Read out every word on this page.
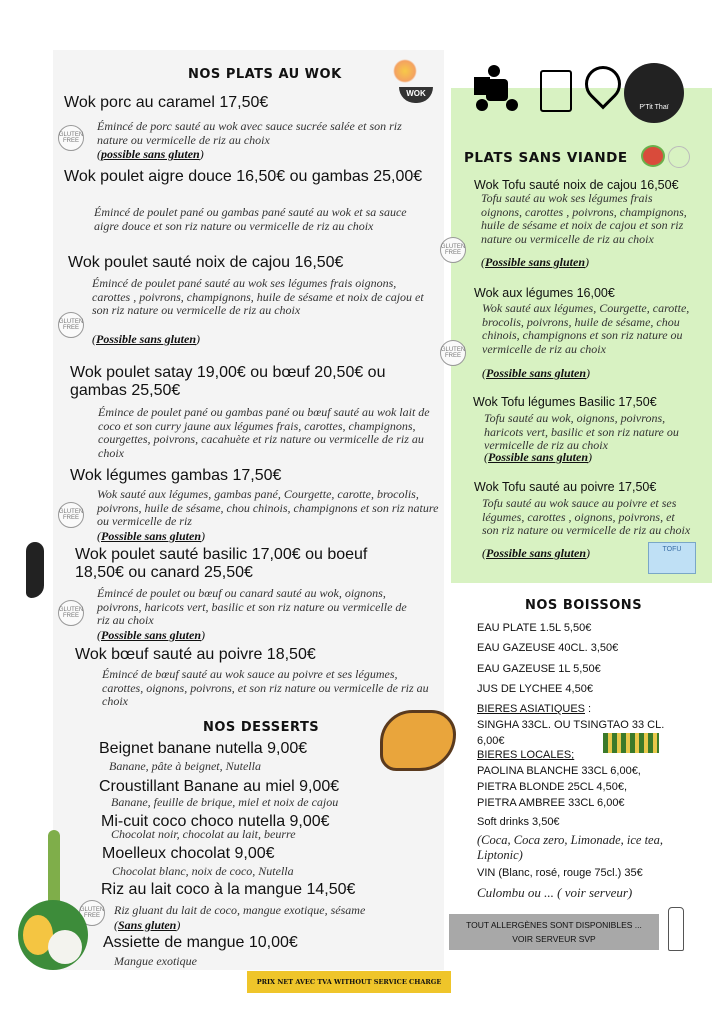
NOS PLATS AU WOK
WOK
Wok porc au caramel 17,50€
Émincé de porc sauté au wok avec sauce sucrée salée et son riz nature ou vermicelle de riz au choix
(possible sans gluten)
GLUTEN FREE
Wok poulet aigre douce 16,50€ ou gambas 25,00€
Émincé de poulet pané ou gambas pané sauté au wok et sa sauce aigre douce et son riz nature ou vermicelle de riz au choix
Wok poulet sauté noix de cajou 16,50€
Émincé de poulet pané sauté au wok ses légumes frais oignons, carottes , poivrons, champignons, huile de sésame et noix de cajou et son riz nature ou vermicelle de riz au choix
(Possible sans gluten)
GLUTEN FREE
Wok poulet satay 19,00€ ou bœuf 20,50€ ou gambas 25,50€
Émince de poulet pané ou gambas pané ou bœuf sauté au wok lait de coco et son curry jaune aux légumes frais, carottes, champignons, courgettes, poivrons, cacahuète et riz nature ou vermicelle de riz au choix
Wok légumes gambas 17,50€
Wok sauté aux légumes, gambas pané, Courgette, carotte, brocolis, poivrons, huile de sésame, chou chinois, champignons et son riz nature ou vermicelle de riz
(Possible sans gluten)
GLUTEN FREE
Wok poulet sauté basilic 17,00€ ou boeuf 18,50€ ou canard 25,50€
Émincé de poulet ou bœuf ou canard sauté au wok, oignons, poivrons, haricots vert, basilic et son riz nature ou vermicelle de riz au choix
(Possible sans gluten)
GLUTEN FREE
Wok bœuf sauté au poivre 18,50€
Émincé de bœuf sauté au wok sauce au poivre et ses légumes, carottes, oignons, poivrons, et son riz nature ou vermicelle de riz au choix
NOS DESSERTS
Beignet banane nutella 9,00€
Banane, pâte à beignet, Nutella
Croustillant Banane au miel 9,00€
Banane, feuille de brique, miel et noix de cajou
Mi-cuit coco choco nutella 9,00€
Chocolat noir, chocolat au lait, beurre
Moelleux chocolat 9,00€
Chocolat blanc, noix de coco, Nutella
Riz au lait coco à la mangue 14,50€
Riz gluant du lait de coco, mangue exotique, sésame
(Sans gluten)
GLUTEN FREE
Assiette de mangue 10,00€
Mangue exotique
PRIX NET AVEC TVA WITHOUT SERVICE CHARGE
P'Tit Thaï
PLATS SANS VIANDE
Wok Tofu sauté noix de cajou 16,50€
Tofu sauté au wok ses légumes frais oignons, carottes , poivrons, champignons, huile de sésame et noix de cajou et son riz nature ou vermicelle de riz au choix
(Possible sans gluten)
GLUTEN FREE
Wok aux légumes 16,00€
Wok sauté aux légumes, Courgette, carotte, brocolis, poivrons, huile de sésame, chou chinois, champignons et son riz nature ou vermicelle de riz au choix
(Possible sans gluten)
GLUTEN FREE
Wok Tofu légumes Basilic 17,50€
Tofu sauté au wok, oignons, poivrons, haricots vert, basilic et son riz nature ou vermicelle de riz au choix
(Possible sans gluten)
Wok Tofu sauté au poivre 17,50€
Tofu sauté au wok sauce au poivre et ses légumes, carottes , oignons, poivrons, et son riz nature ou vermicelle de riz au choix
(Possible sans gluten)	TOFU
NOS BOISSONS
EAU PLATE 1.5L 5,50€
EAU GAZEUSE 40CL. 3,50€
EAU GAZEUSE 1L 5,50€
JUS DE LYCHEE 4,50€
BIERES ASIATIQUES :
SINGHA 33CL. OU TSINGTAO 33 CL.
6,00€
BIERES LOCALES;
PAOLINA BLANCHE 33CL 6,00€,
PIETRA BLONDE 25CL 4,50€,
PIETRA AMBREE 33CL 6,00€
Soft drinks 3,50€
(Coca, Coca zero, Limonade, ice tea, Liptonic)
VIN (Blanc, rosé, rouge 75cl.) 35€
Culombu ou ... ( voir serveur)
TOUT ALLERGÈNES SONT DISPONIBLES ...
VOIR SERVEUR SVP
